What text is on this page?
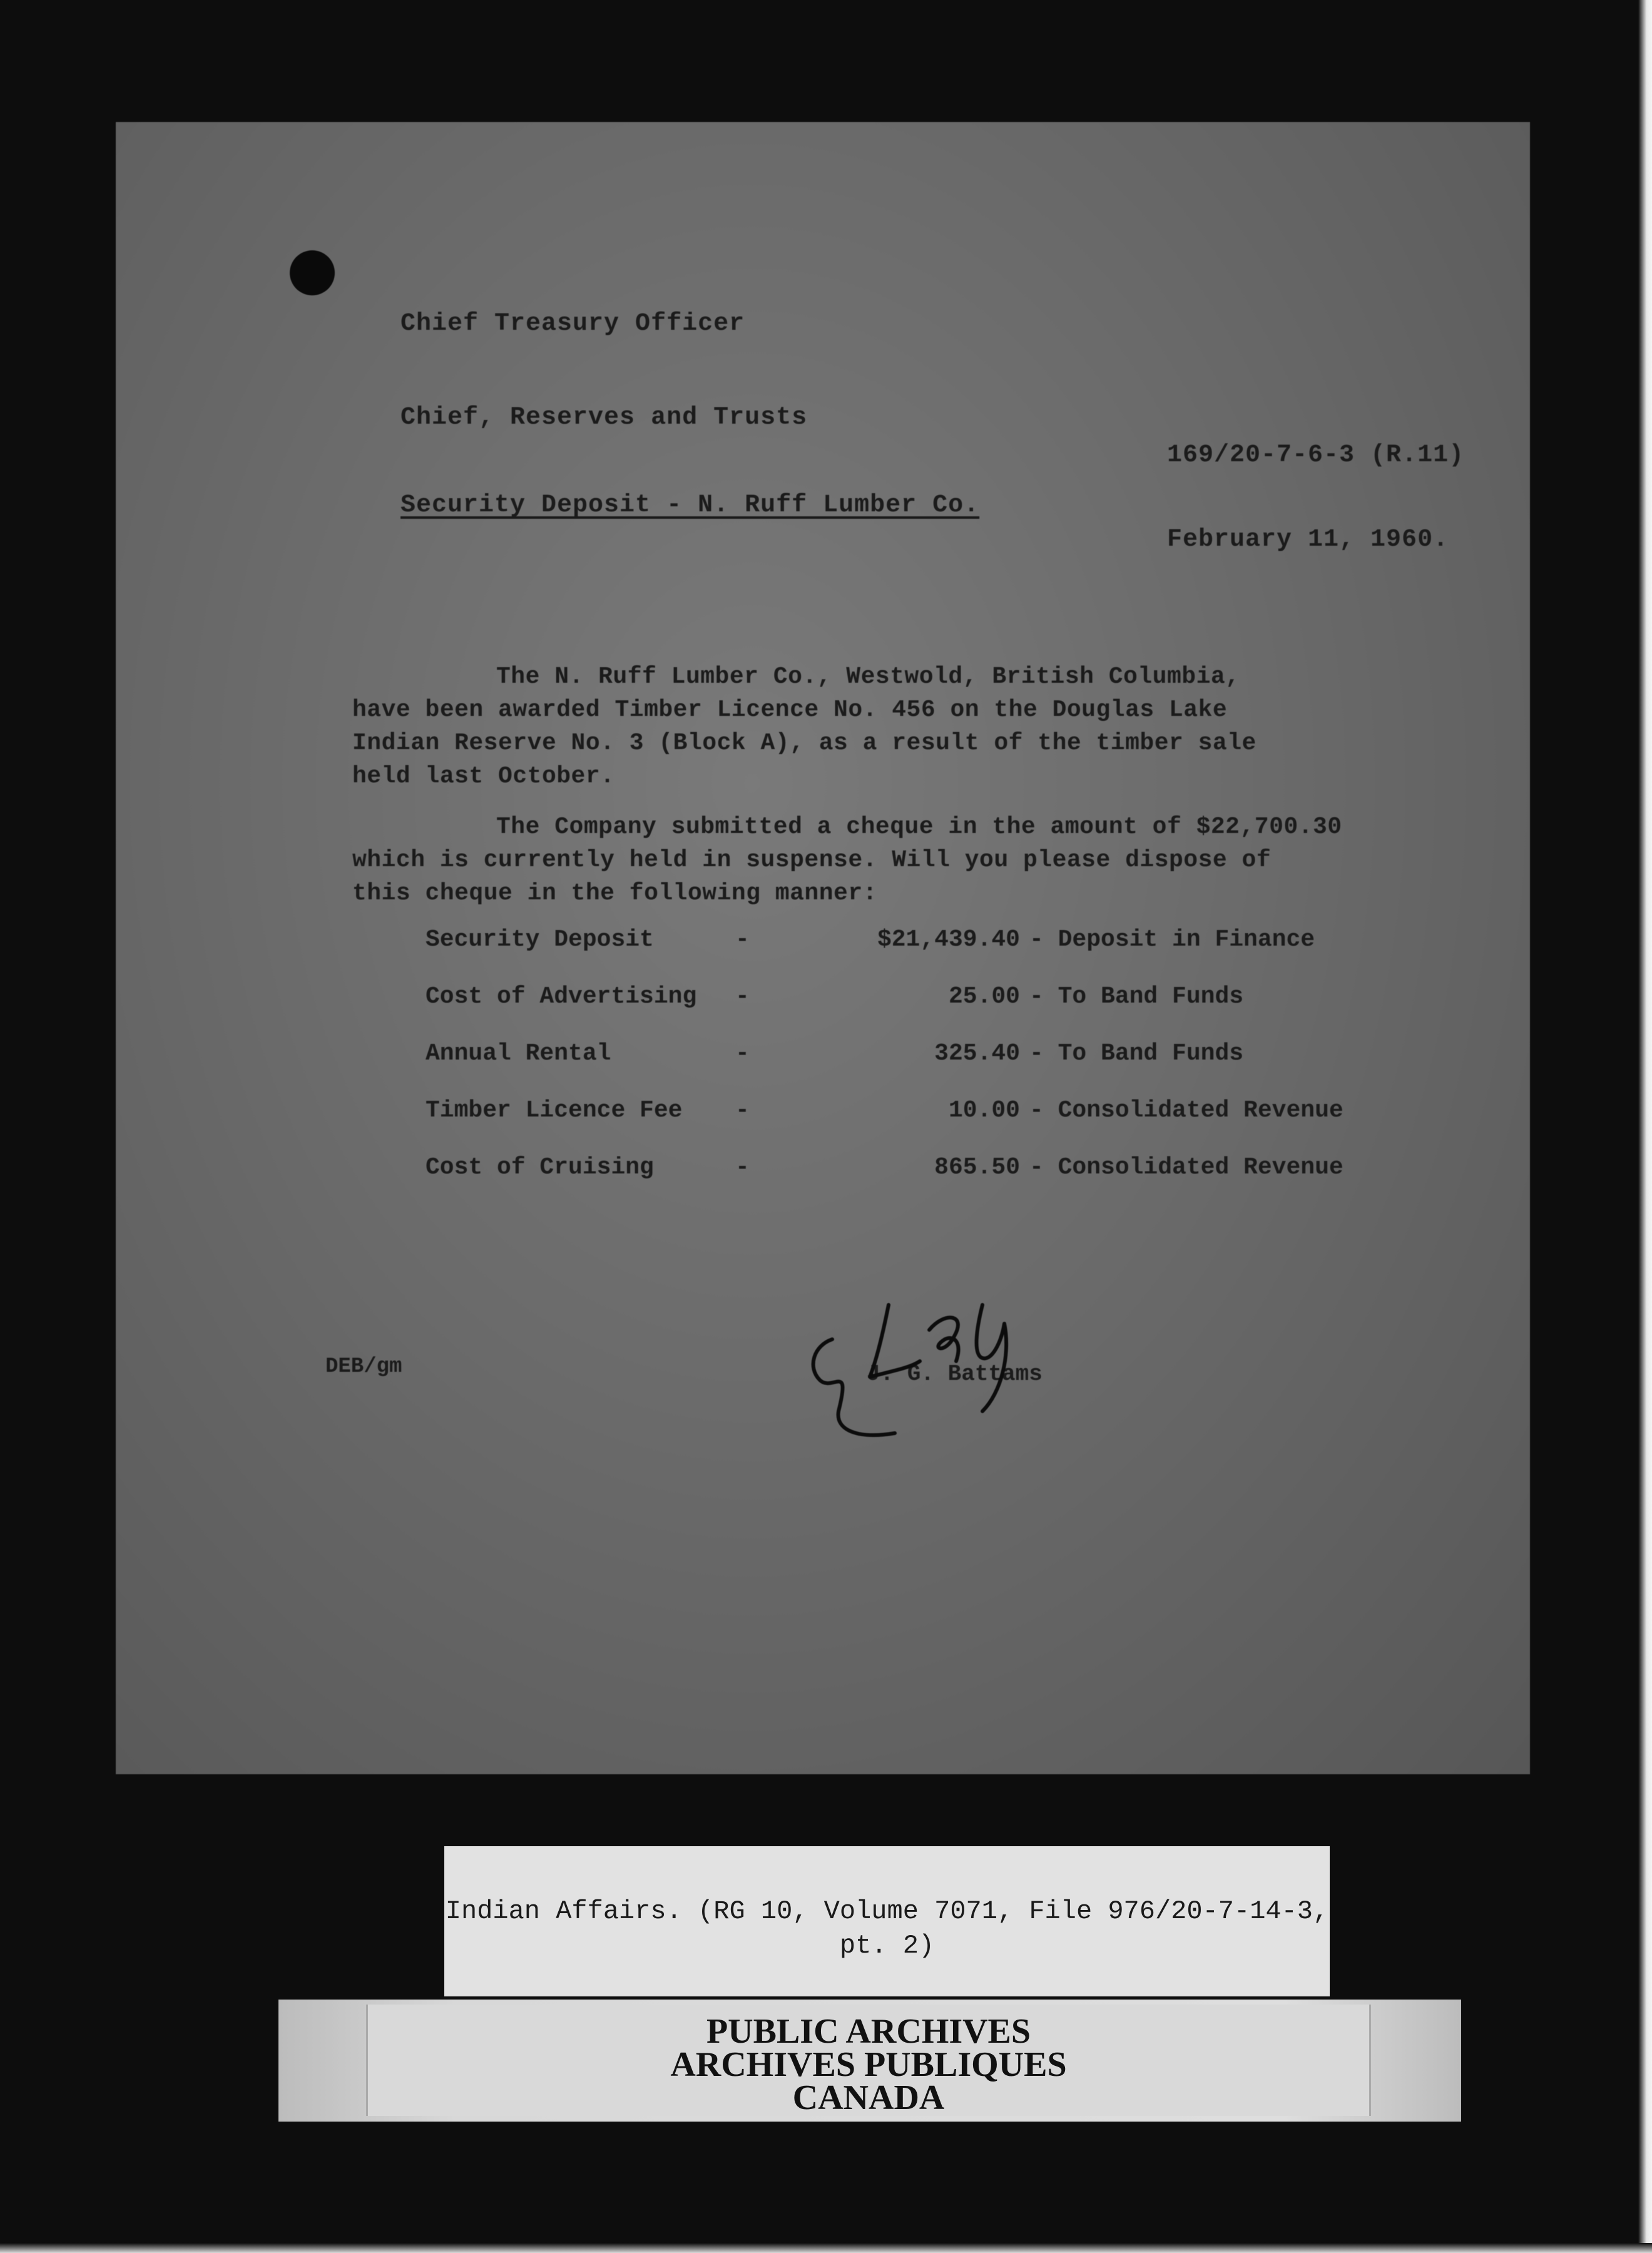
Chief Treasury Officer
Chief, Reserves and Trusts
169/20-7-6-3 (R.11)
Security Deposit - N. Ruff Lumber Co.
February 11, 1960.

The N. Ruff Lumber Co., Westwold, British Columbia,

have been awarded Timber Licence No. 456 on the Douglas Lake

Indian Reserve No. 3 (Block A), as a result of the timber sale

held last October.

The Company submitted a cheque in the amount of $22,700.30

which is currently held in suspense. Will you please dispose of

this cheque in the following manner:

Security Deposit	-	$21,439.40 - Deposit in Finance
Cost of Advertising -	25.00 - To Band Funds
Annual Rental	-	325.40 - To Band Funds
Timber Licence Fee -	10.00 - Consolidated Revenue
Cost of Cruising	-	865.50 - Consolidated Revenue
DEB/gm	J. G. Battams
Indian Affairs. (RG 10, Volume 7071, File 976/20-7-14-3,
pt. 2)
PUBLIC ARCHIVES
ARCHIVES PUBLIQUES
CANADA
